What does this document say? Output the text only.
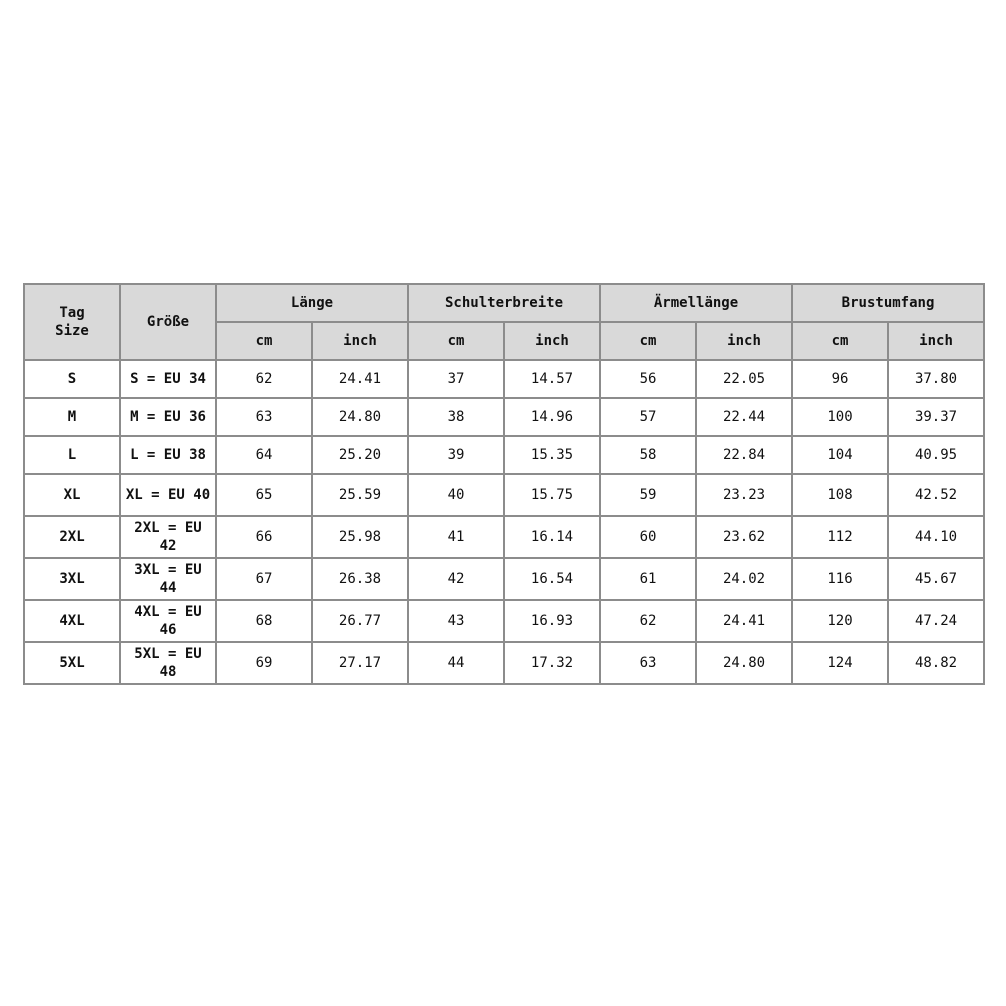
Tag
Size	Größe	Länge		Schulterbreite		Ärmellänge		Brustumfang	
		cm	inch	cm	inch	cm	inch	cm	inch
S	S = EU 34	62	24.41	37	14.57	56	22.05	96	37.80
M	M = EU 36	63	24.80	38	14.96	57	22.44	100	39.37
L	L = EU 38	64	25.20	39	15.35	58	22.84	104	40.95
XL	XL = EU 40	65	25.59	40	15.75	59	23.23	108	42.52
2XL	2XL = EU 42	66	25.98	41	16.14	60	23.62	112	44.10
3XL	3XL = EU 44	67	26.38	42	16.54	61	24.02	116	45.67
4XL	4XL = EU 46	68	26.77	43	16.93	62	24.41	120	47.24
5XL	5XL = EU 48	69	27.17	44	17.32	63	24.80	124	48.82
